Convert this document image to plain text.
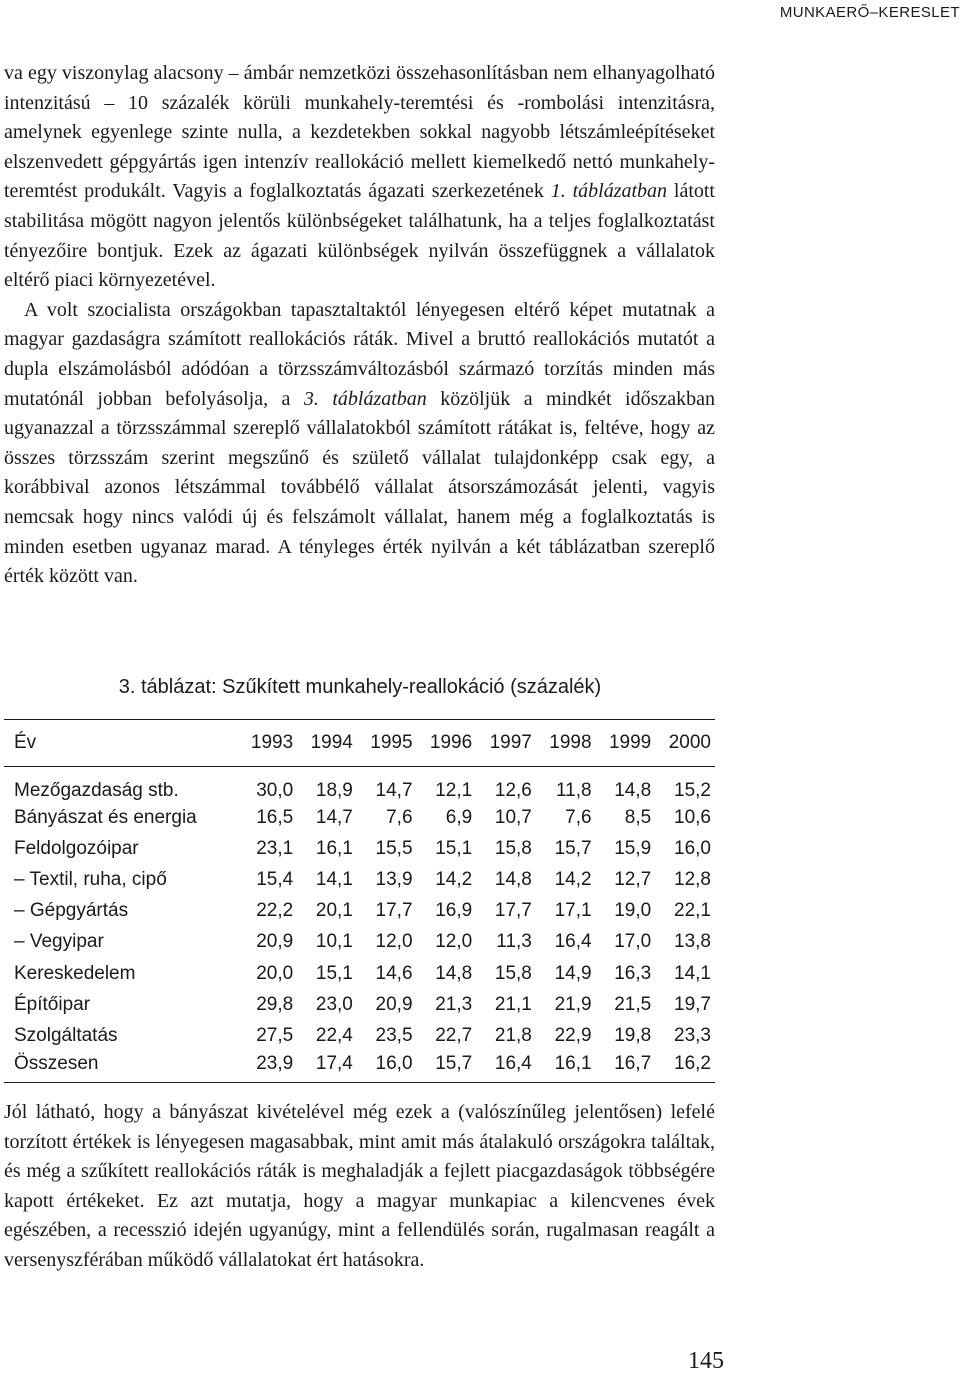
MUNKAERŐ–KERESLET

va egy viszonylag alacsony – ámbár nemzetközi összehasonlításban nem elhanyagolható intenzitású – 10 százalék körüli munkahely-teremtési és -rombolási intenzitásra, amelynek egyenlege szinte nulla, a kezdetekben sokkal nagyobb létszámleépítéseket elszenvedett gépgyártás igen intenzív reallokáció mellett kiemelkedő nettó munkahely-teremtést produkált. Vagyis a foglalkoztatás ágazati szerkezetének 1. táblázatban látott stabilitása mögött nagyon jelentős különbségeket találhatunk, ha a teljes foglalkoztatást tényezőire bontjuk. Ezek az ágazati különbségek nyilván összefüggnek a vállalatok eltérő piaci környezetével.

A volt szocialista országokban tapasztaltaktól lényegesen eltérő képet mutatnak a magyar gazdaságra számított reallokációs ráták. Mivel a bruttó reallokációs mutatót a dupla elszámolásból adódóan a törzsszámváltozásból származó torzítás minden más mutatónál jobban befolyásolja, a 3. táblázatban közöljük a mindkét időszakban ugyanazzal a törzsszámmal szereplő vállalatokból számított rátákat is, feltéve, hogy az összes törzsszám szerint megszűnő és születő vállalat tulajdonképp csak egy, a korábbival azonos létszámmal továbbélő vállalat átsorszámozását jelenti, vagyis nemcsak hogy nincs valódi új és felszámolt vállalat, hanem még a foglalkoztatás is minden esetben ugyanaz marad. A tényleges érték nyilván a két táblázatban szereplő érték között van.

3. táblázat: Szűkített munkahely-reallokáció (százalék)
Év	1993	1994	1995	1996	1997	1998	1999	2000
Mezőgazdaság stb.	30,0	18,9	14,7	12,1	12,6	11,8	14,8	15,2
Bányászat és energia	16,5	14,7	7,6	6,9	10,7	7,6	8,5	10,6
Feldolgozóipar	23,1	16,1	15,5	15,1	15,8	15,7	15,9	16,0
– Textil, ruha, cipő	15,4	14,1	13,9	14,2	14,8	14,2	12,7	12,8
– Gépgyártás	22,2	20,1	17,7	16,9	17,7	17,1	19,0	22,1
– Vegyipar	20,9	10,1	12,0	12,0	11,3	16,4	17,0	13,8
Kereskedelem	20,0	15,1	14,6	14,8	15,8	14,9	16,3	14,1
Építőipar	29,8	23,0	20,9	21,3	21,1	21,9	21,5	19,7
Szolgáltatás	27,5	22,4	23,5	22,7	21,8	22,9	19,8	23,3
Összesen	23,9	17,4	16,0	15,7	16,4	16,1	16,7	16,2

Jól látható, hogy a bányászat kivételével még ezek a (valószínűleg jelentősen) lefelé torzított értékek is lényegesen magasabbak, mint amit más átalakuló országokra találtak, és még a szűkített reallokációs ráták is meghaladják a fejlett piacgazdaságok többségére kapott értékeket. Ez azt mutatja, hogy a magyar munkapiac a kilencvenes évek egészében, a recesszió idején ugyanúgy, mint a fellendülés során, rugalmasan reagált a versenyszférában működő vállalatokat ért hatásokra.

145
